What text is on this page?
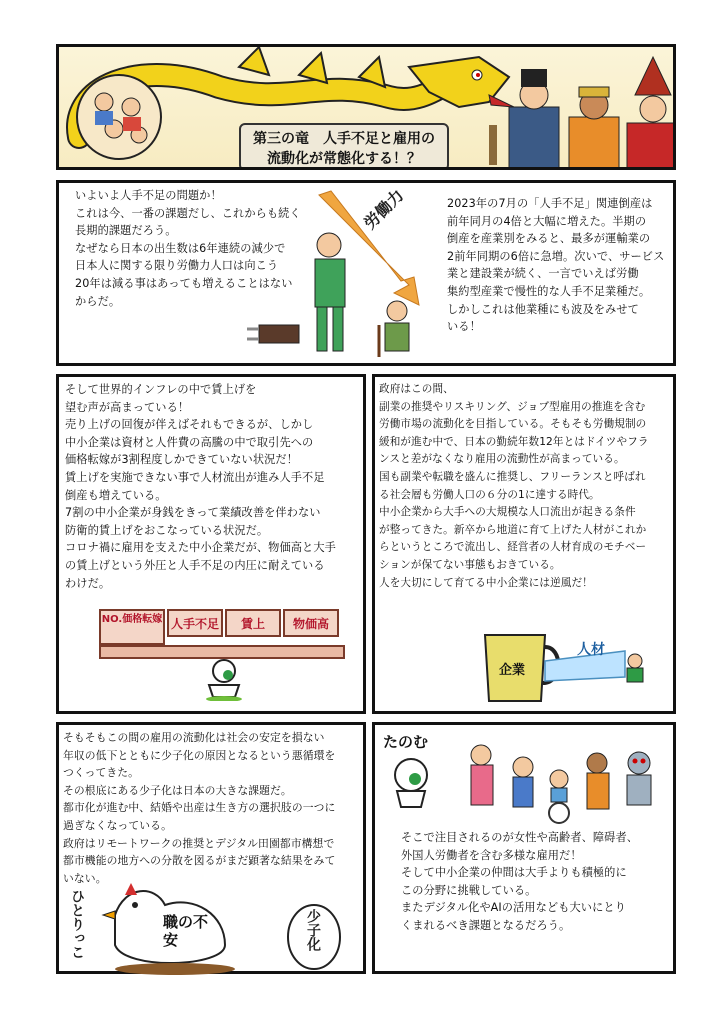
第三の竜　人手不足と雇用の
流動化が常態化する！？
いよいよ人手不足の問題か！
これは今、一番の課題だし、これからも続く
長期的課題だろう。
なぜなら日本の出生数は6年連続の減少で
日本人に関する限り労働力人口は向こう
20年は減る事はあっても増えることはない
からだ。
労働力	2023年の7月の「人手不足」関連倒産は
前年同月の4倍と大幅に増えた。半期の
倒産を産業別をみると、最多が運輸業の
2前年同期の6倍に急増。次いで、サービス
業と建設業が続く、一言でいえば労働
集約型産業で慢性的な人手不足業種だ。
しかしこれは他業種にも波及をみせて
いる！
そして世界的インフレの中で賃上げを
望む声が高まっている！
売り上げの回復が伴えばそれもできるが、しかし
中小企業は資材と人件費の高騰の中で取引先への
価格転嫁が3割程度しかできていない状況だ！
賃上げを実施できない事で人材流出が進み人手不足
倒産も増えている。
7割の中小企業が身銭をきって業績改善を伴わない
防衛的賃上げをおこなっている状況だ。
コロナ禍に雇用を支えた中小企業だが、物価高と大手
の賃上げという外圧と人手不足の内圧に耐えている
わけだ。
NO.価格転嫁 人手不足	賃上	物価高
政府はこの間、
副業の推奨やリスキリング、ジョブ型雇用の推進を含む
労働市場の流動化を目指している。そもそも労働規制の
緩和が進む中で、日本の勤続年数12年とはドイツやフラ
ンスと差がなくなり雇用の流動性が高まっている。
国も副業や転職を盛んに推奨し、フリーランスと呼ばれ
る社会層も労働人口の６分の1に達する時代。
中小企業から大手への大規模な人口流出が起きる条件
が整ってきた。新卒から地道に育て上げた人材がこれか
らというところで流出し、経営者の人材育成のモチベー
ションが保てない事態もおきている。
人を大切にして育てる中小企業には逆風だ！
企業
人材
そもそもこの間の雇用の流動化は社会の安定を損ない
年収の低下とともに少子化の原因となるという悪循環を
つくってきた。
その根底にある少子化は日本の大きな課題だ。
都市化が進む中、結婚や出産は生き方の選択肢の一つに
過ぎなくなっている。
政府はリモートワークの推奨とデジタル田園都市構想で
都市機能の地方への分散を図るがまだ顕著な結果をみて
いない。
職の不安
ひとりっこ	少子化
たのむ
そこで注目されるのが女性や高齢者、障碍者、
外国人労働者を含む多様な雇用だ！
そして中小企業の仲間は大手よりも積極的に
この分野に挑戦している。
またデジタル化やAIの活用なども大いにとり
くまれるべき課題となるだろう。
